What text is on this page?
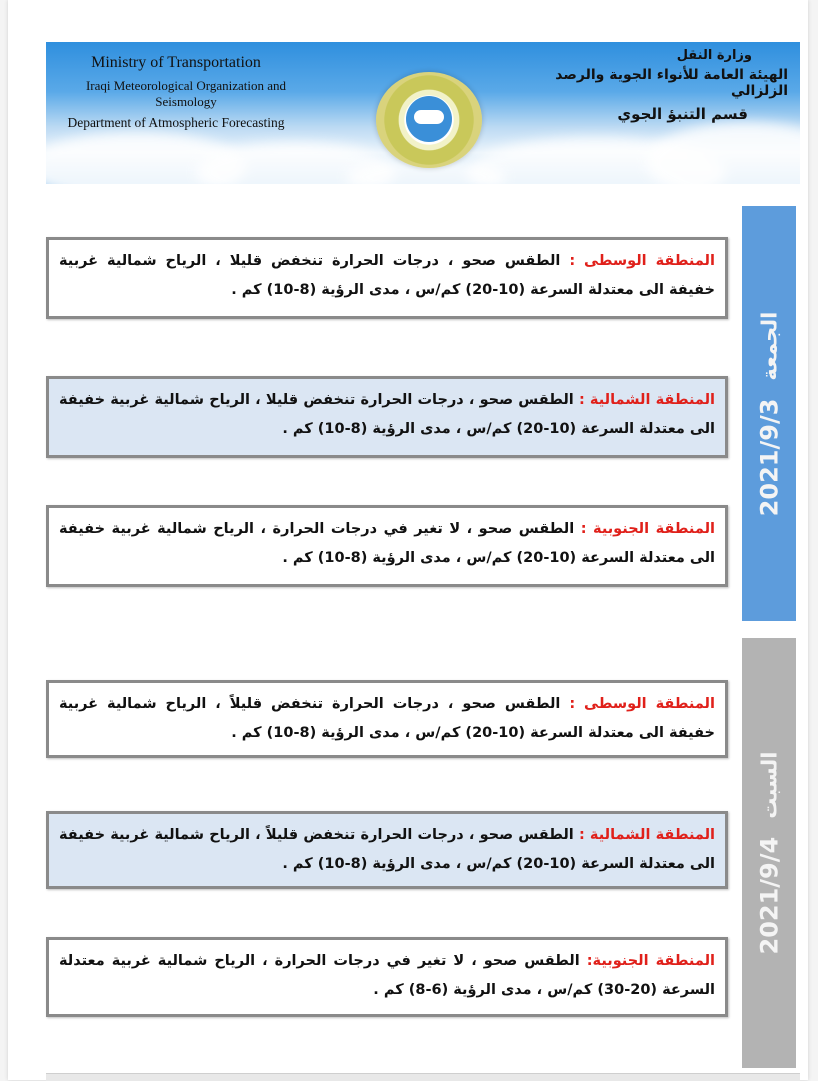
Ministry of Transportation
Iraqi Meteorological Organization and Seismology
Department of Atmospheric Forecasting
وزارة النقل
الهيئة العامة للأنواء الجوية والرصد الزلزالي
قسم التنبؤ الجوي
2021/9/3
الجمعة
المنطقة الوسطى : الطقس صحو ، درجات الحرارة تنخفض قليلا ، الرياح شمالية غربية خفيفة الى معتدلة السرعة (10-20) كم/س ، مدى الرؤية (8-10) كم .
المنطقة الشمالية : الطقس صحو ، درجات الحرارة تنخفض قليلا ، الرياح شمالية غربية خفيفة الى معتدلة السرعة (10-20) كم/س ، مدى الرؤية (8-10) كم .
المنطقة الجنوبية : الطقس صحو ، لا تغير في درجات الحرارة ، الرياح شمالية غربية خفيفة الى معتدلة السرعة (10-20) كم/س ، مدى الرؤية (8-10) كم .
2021/9/4
السبت
المنطقة الوسطى : الطقس صحو ، درجات الحرارة تنخفض قليلاً ، الرياح شمالية غربية خفيفة الى معتدلة السرعة (10-20) كم/س ، مدى الرؤية (8-10) كم .
المنطقة الشمالية : الطقس صحو ، درجات الحرارة تنخفض قليلاً ، الرياح شمالية غربية خفيفة الى معتدلة السرعة (10-20) كم/س ، مدى الرؤية (8-10) كم .
المنطقة الجنوبية: الطقس صحو ، لا تغير في درجات الحرارة ، الرياح شمالية غربية معتدلة السرعة (20-30) كم/س ، مدى الرؤية (6-8) كم .
